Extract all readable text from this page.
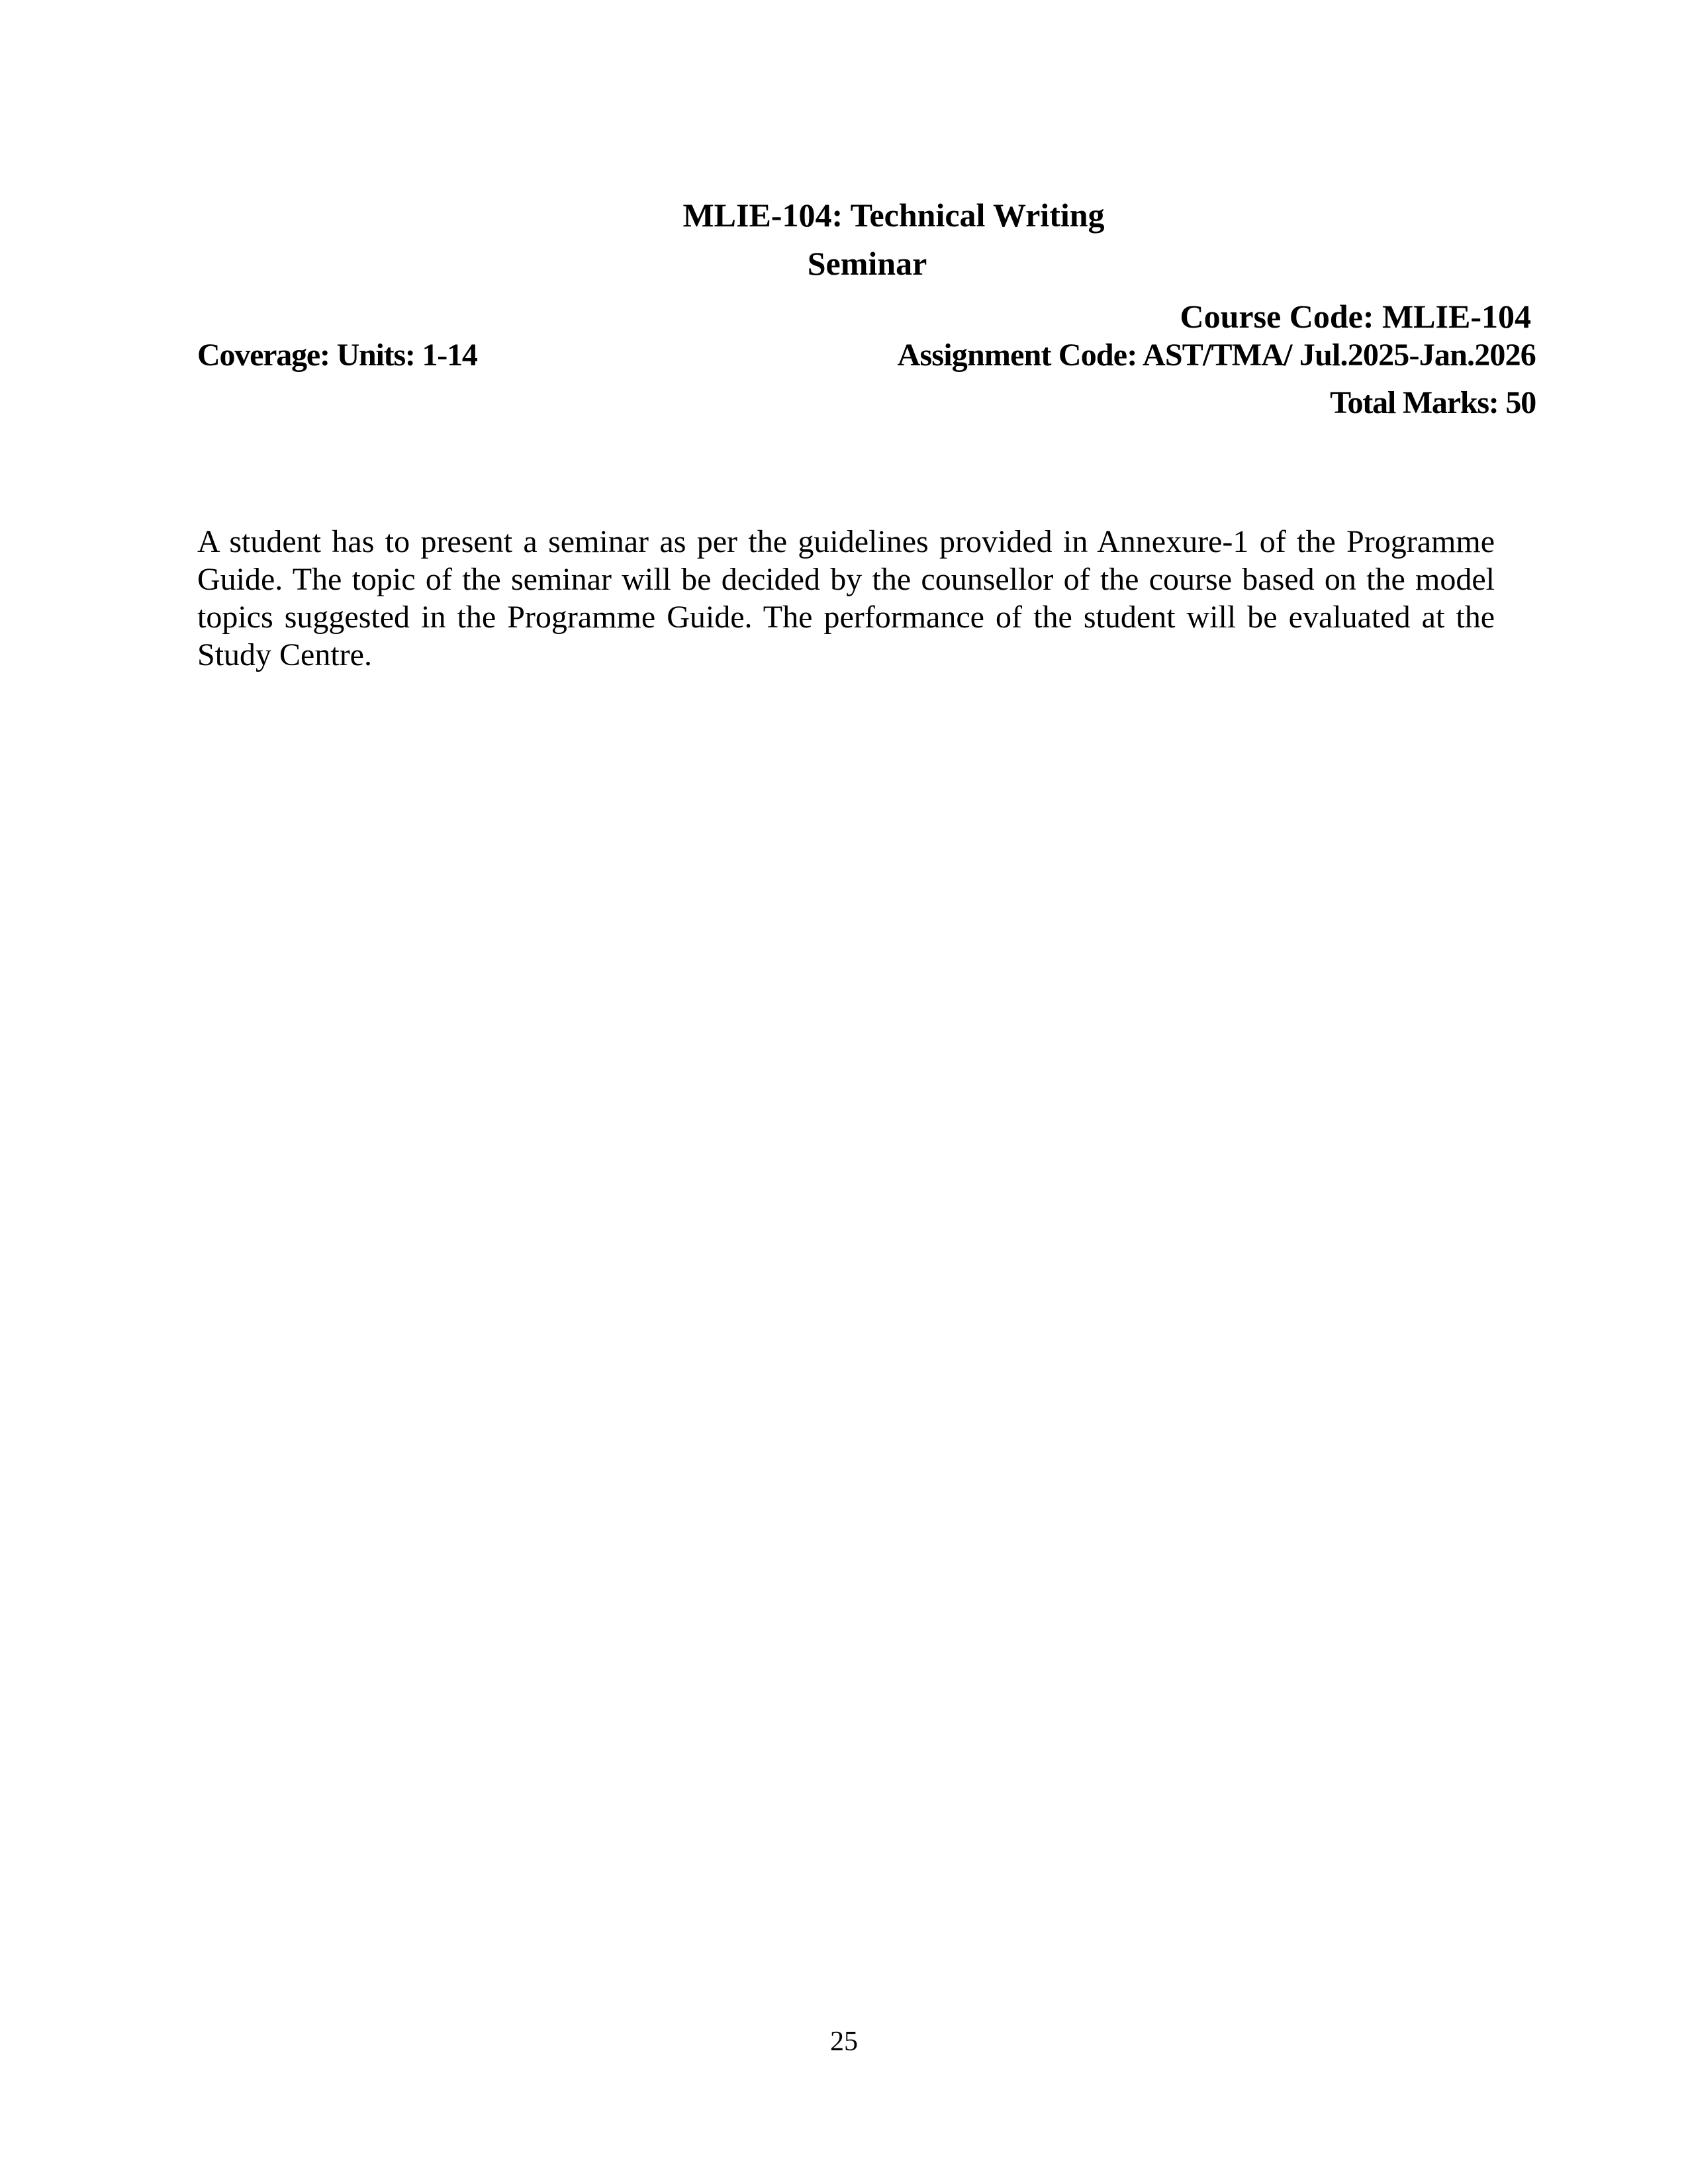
MLIE-104: Technical Writing
Seminar
Course Code: MLIE-104
Coverage: Units: 1-14	Assignment Code: AST/TMA/ Jul.2025-Jan.2026
Total Marks: 50

A student has to present a seminar as per the guidelines provided in Annexure-1 of the Programme Guide. The topic of the seminar will be decided by the counsellor of the course based on the model topics suggested in the Programme Guide. The performance of the student will be evaluated at the Study Centre.

25
